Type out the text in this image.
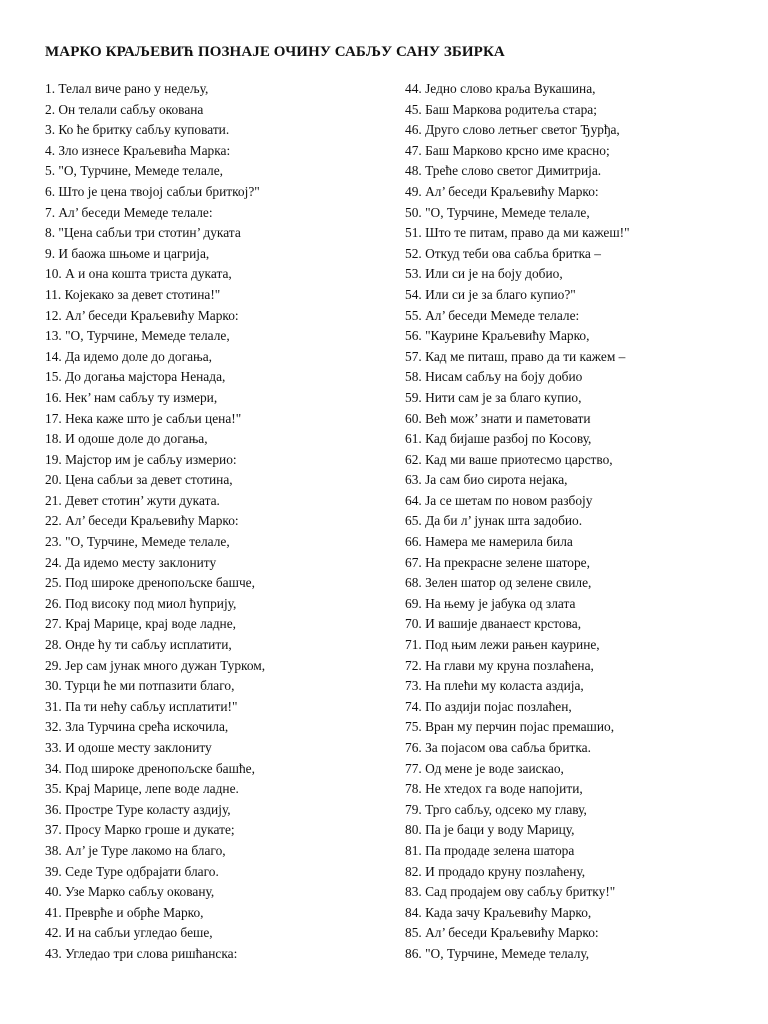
МАРКО КРАЉЕВИЋ ПОЗНАЈЕ ОЧИНУ САБЉУ САНУ ЗБИРКА
1. Телал виче рано у недељу,
2. Он телали сабљу окована
3. Ко ће бритку сабљу куповати.
4. Зло изнесе Краљевића Марка:
5. "О, Турчине, Мемеде телале,
6. Што је цена твојој сабљи бриткој?"
7. Ал’ беседи Мемеде телале:
8. "Цена сабљи три стотин’ дуката
9. И баожа шњоме и цагрија,
10. А и она кошта триста дуката,
11. Којекако за девет стотина!"
12. Ал’ беседи Краљевићу Марко:
13. "О, Турчине, Мемеде телале,
14. Да идемо доле до догања,
15. До догања мајстора Ненада,
16. Нек’ нам сабљу ту измери,
17. Нека каже што је сабљи цена!"
18. И одоше доле до догања,
19. Мајстор им је сабљу измерио:
20. Цена сабљи за девет стотина,
21. Девет стотин’ жути дуката.
22. Ал’ беседи Краљевићу Марко:
23. "О, Турчине, Мемеде телале,
24. Да идемо месту заклониту
25. Под широке дренопољске башче,
26. Под високу под миол ћуприју,
27. Крај Марице, крај воде ладне,
28. Онде ћу ти сабљу исплатити,
29. Јер сам јунак много дужан Турком,
30. Турци ће ми потпазити благо,
31. Па ти нећу сабљу исплатити!"
32. Зла Турчина срећа искочила,
33. И одоше месту заклониту
34. Под широке дренопољске башће,
35. Крај Марице, лепе воде ладне.
36. Простре Туре коласту аздију,
37. Просу Марко гроше и дукате;
38. Ал’ је Туре лакомо на благо,
39. Седе Туре одбрајати благо.
40. Узе Марко сабљу оковану,
41. Преврће и обрће Марко,
42. И на сабљи угледао беше,
43. Угледао три слова ришћанска:
44. Једно слово краља Вукашина,
45. Баш Маркова родитеља стара;
46. Друго слово летњег светог Ђурђа,
47. Баш Марково крсно име красно;
48. Треће слово светог Димитрија.
49. Ал’ беседи Краљевићу Марко:
50. "О, Турчине, Мемеде телале,
51. Што те питам, право да ми кажеш!"
52. Откуд теби ова сабља бритка –
53. Или си је на боју добио,
54. Или си је за благо купио?"
55. Ал’ беседи Мемеде телале:
56. "Каурине Краљевићу Марко,
57. Кад ме питаш, право да ти кажем –
58. Нисам сабљу на боју добио
59. Нити сам је за благо купио,
60. Већ мож’ знати и паметовати
61. Кад бијаше разбој по Косову,
62. Кад ми ваше приотесмо царство,
63. Ја сам био сирота нејака,
64. Ја се шетам по новом разбоју
65. Да би л’ јунак шта задобио.
66. Намера ме намерила била
67. На прекрасне зелене шаторе,
68. Зелен шатор од зелене свиле,
69. На њему је јабука од злата
70. И вашије дванаест крстова,
71. Под њим лежи рањен каурине,
72. На глави му круна позлаћена,
73. На плећи му коласта аздија,
74. По аздији појас позлаћен,
75. Вран му перчин појас премашио,
76. За појасом ова сабља бритка.
77. Од мене је воде заискао,
78. Не хтедох га воде напојити,
79. Трго сабљу, одсеко му главу,
80. Па је баци у воду Марицу,
81. Па продаде зелена шатора
82. И продадо круну позлаћену,
83. Сад продајем ову сабљу бритку!"
84. Када зачу Краљевићу Марко,
85. Ал’ беседи Краљевићу Марко:
86. "О, Турчине, Мемеде телалу,
